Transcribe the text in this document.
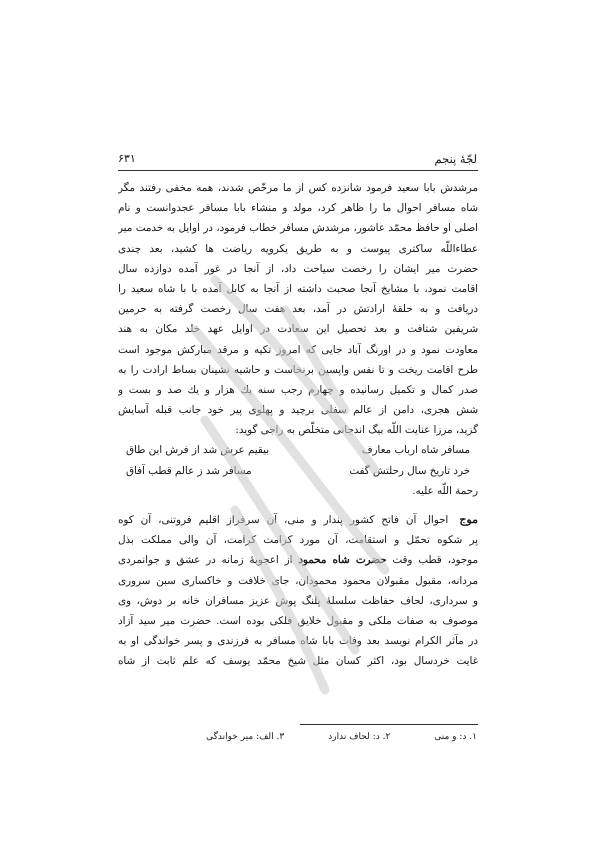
لجّهٔ پنجم
۶۳۱
مرشدش بابا سعید فرمود شانزده کس از ما مرخّص شدند، همه مخفی رفتند مگر
شاه مسافر احوال ما را ظاهر کرد، مولد و منشاء بابا مسافر عجدوانست و نام
اصلی او حافظ محمّد عاشور، مرشدش مسافر خطاب فرمود، در اوایل به خدمت میر
عطاءاللّه ساکتری پیوست و به طریق یکرویه ریاضت ها کشید، بعد چندی
حضرت میر ایشان را رخصت سیاحت داد، از آنجا در غور آمده دوازده سال
اقامت نمود، با مشایخ آنجا صحبت داشته از آنجا به کابل آمده با با شاه سعید را
دریافت و به حلقهٔ ارادتش در آمد، بعد هفت سال رخصت گرفته به حرمین
شریفین شتافت و بعد تحصیل این سعادت در اوایل عهد خلد مکان به هند
معاودت نمود و در اورنگ آباد جایی که امروز تکیه و مرقد مبارکش موجود است
طرح اقامت ریخت و تا نفس واپسین برنخاست و حاشیه نشینان بساط ارادت را به
صدر کمال و تکمیل رسانیده و چهارم رجب سنه یك هزار و یك صد و بست و
شش هجری، دامن از عالم سفلی برچید و پهلوی پیر خود جانب قبله آسایش
گزید، مرزا عنایت اللّه بیگ اندجانی متخلّص به راجی گوید:
مسافر شاه ارباب معارف
بیقیم عرش شد از فرش این طاق
خرد تاریخ سال رحلتش گفت
مسافر شد ز عالم قطب آفاق
رحمة اللّه علیه.
موج احوال آن فاتح کشور پندار و منی، آن سرفراز اقلیم فروتنی، آن کوه
پر شکوه تحمّل و استقامت، آن مورد کرامت کرامت، آن والی مملکت بذل
موجود، قطب وقت حضرت شاه محمود از اعجوبهٔ زمانه در عشق و جوانمردی
مردانه، مقبول مقبولان محمود محمودان، جای خلافت و خاکساری سبن سروری
و سرداری، لحاف حفاظت سلسلهٔ پلنگ پوش عزیز مسافران خانه بر دوش، وی
موصوف به صفات ملکی و مقبول خلایق فلکی بوده است. حضرت میر سید آزاد
در مآثر الکرام نویسد بعد وفات بابا شاه مسافر به فرزندی و پسر خواندگی او به
غایت خردسال بود، اکثر کسان مثل شیخ محمّد یوسف که علم ثابت از شاه
۱. د: و منی
۲. د: لحاف ندارد
۳. الف: میر خواندگی
